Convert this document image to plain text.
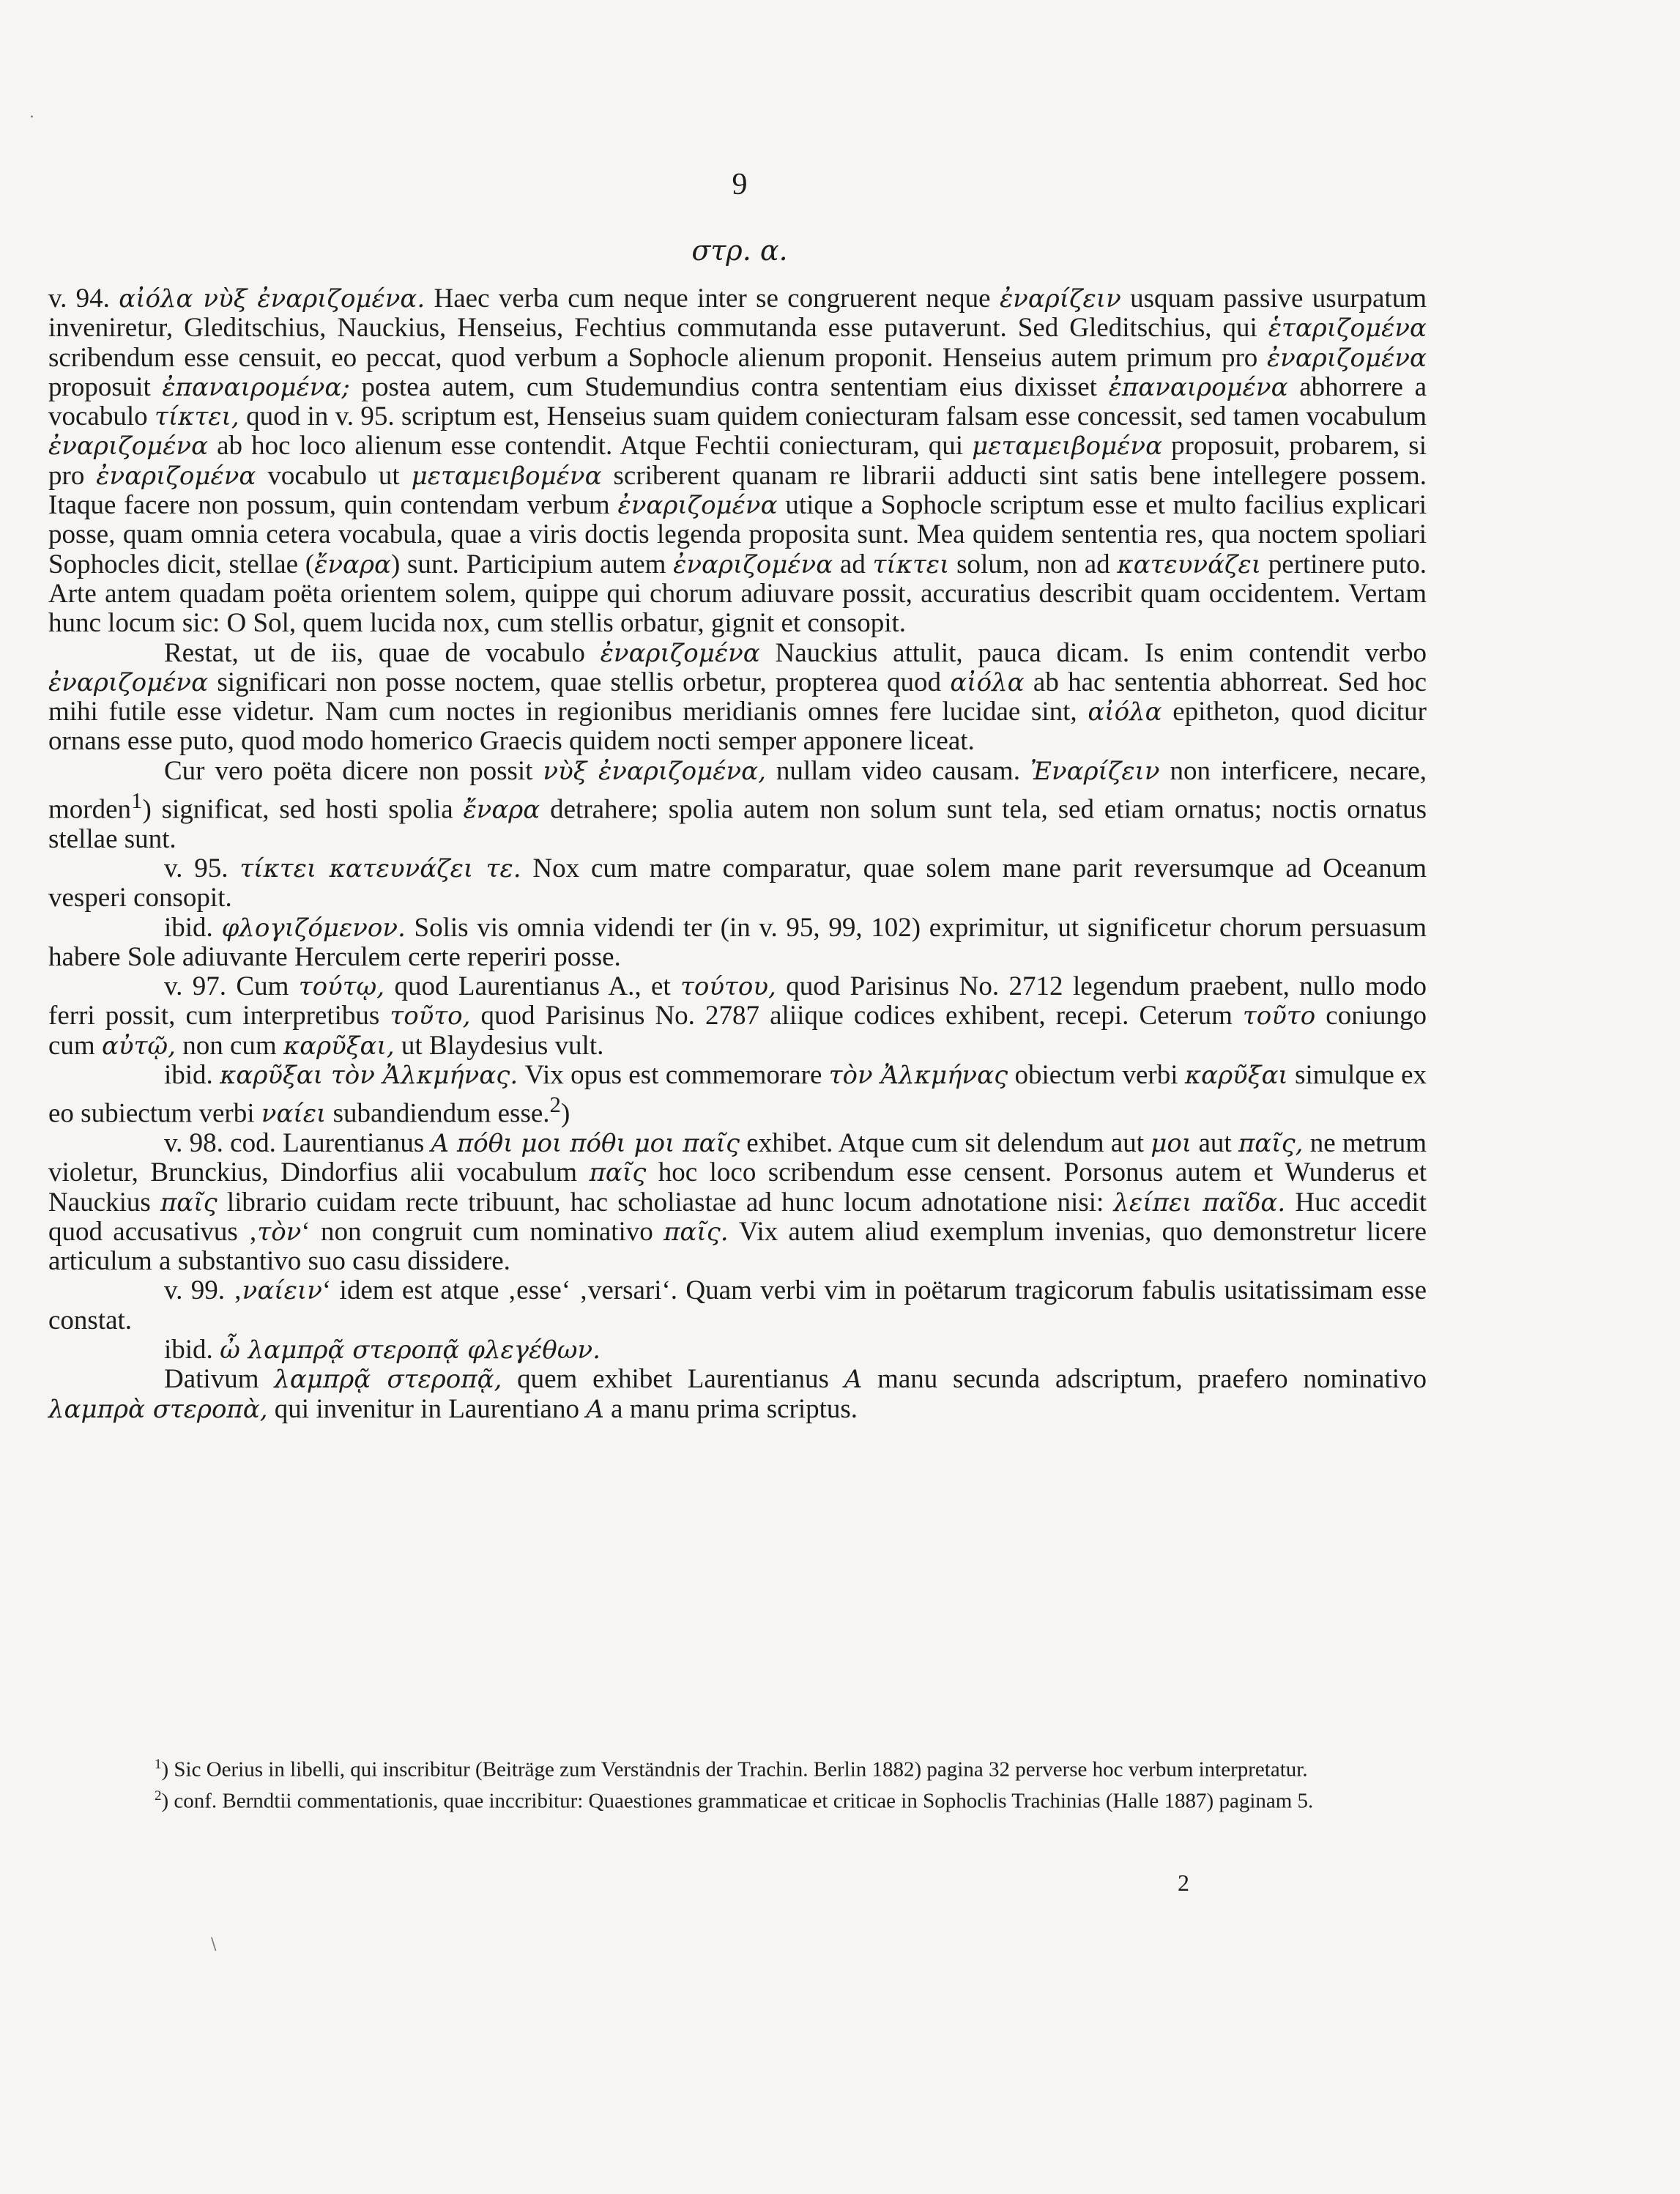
9
στρ. α.

v. 94. αἰόλα νὺξ ἐναριζομένα. Haec verba cum neque inter se congruerent neque ἐναρίζειν usquam passive usurpatum inveniretur, Gleditschius, Nauckius, Henseius, Fechtius commutanda esse putaverunt. Sed Gleditschius, qui ἑταριζομένα scribendum esse censuit, eo peccat, quod verbum a Sophocle alienum proponit. Henseius autem primum pro ἐναριζομένα proposuit ἐπαναιρομένα; postea autem, cum Studemundius contra sententiam eius dixisset ἐπαναιρομένα abhorrere a vocabulo τίκτει, quod in v. 95. scriptum est, Henseius suam quidem coniecturam falsam esse concessit, sed tamen vocabulum ἐναριζομένα ab hoc loco alienum esse contendit. Atque Fechtii coniecturam, qui μεταμειβομένα proposuit, probarem, si pro ἐναριζομένα vocabulo ut μεταμειβομένα scriberent quanam re librarii adducti sint satis bene intellegere possem. Itaque facere non possum, quin contendam verbum ἐναριζομένα utique a Sophocle scriptum esse et multo facilius explicari posse, quam omnia cetera vocabula, quae a viris doctis legenda proposita sunt. Mea quidem sententia res, qua noctem spoliari Sophocles dicit, stellae (ἔναρα) sunt. Participium autem ἐναριζομένα ad τίκτει solum, non ad κατευνάζει pertinere puto. Arte antem quadam poëta orientem solem, quippe qui chorum adiuvare possit, accuratius describit quam occidentem. Vertam hunc locum sic: O Sol, quem lucida nox, cum stellis orbatur, gignit et consopit.

Restat, ut de iis, quae de vocabulo ἐναριζομένα Nauckius attulit, pauca dicam. Is enim contendit verbo ἐναριζομένα significari non posse noctem, quae stellis orbetur, propterea quod αἰόλα ab hac sententia abhorreat. Sed hoc mihi futile esse videtur. Nam cum noctes in regionibus meridianis omnes fere lucidae sint, αἰόλα epitheton, quod dicitur ornans esse puto, quod modo homerico Graecis quidem nocti semper apponere liceat.

Cur vero poëta dicere non possit νὺξ ἐναριζομένα, nullam video causam. Ἐναρίζειν non interficere, necare, morden$^1$) significat, sed hosti spolia ἔναρα detrahere; spolia autem non solum sunt tela, sed etiam ornatus; noctis ornatus stellae sunt.

v. 95. τίκτει κατευνάζει τε. Nox cum matre comparatur, quae solem mane parit reversumque ad Oceanum vesperi consopit.

ibid. φλογιζόμενον. Solis vis omnia videndi ter (in v. 95, 99, 102) exprimitur, ut significetur chorum persuasum habere Sole adiuvante Herculem certe reperiri posse.

v. 97. Cum τούτῳ, quod Laurentianus A., et τούτου, quod Parisinus No. 2712 legendum praebent, nullo modo ferri possit, cum interpretibus τοῦτο, quod Parisinus No. 2787 aliique codices exhibent, recepi. Ceterum τοῦτο coniungo cum αὐτῷ, non cum καρῦξαι, ut Blaydesius vult.

ibid. καρῦξαι τὸν Ἀλκμήνας. Vix opus est commemorare τὸν Ἀλκμήνας obiectum verbi καρῦξαι simulque ex eo subiectum verbi ναίει subandiendum esse.$^2$)

v. 98. cod. Laurentianus A πόθι μοι πόθι μοι παῖς exhibet. Atque cum sit delendum aut μοι aut παῖς, ne metrum violetur, Brunckius, Dindorfius alii vocabulum παῖς hoc loco scribendum esse censent. Porsonus autem et Wunderus et Nauckius παῖς librario cuidam recte tribuunt, hac scholiastae ad hunc locum adnotatione nisi: λείπει παῖδα. Huc accedit quod accusativus ‚τὸν‘ non congruit cum nominativo παῖς. Vix autem aliud exemplum invenias, quo demonstretur licere articulum a substantivo suo casu dissidere.

v. 99. ‚ναίειν‘ idem est atque ‚esse‘ ‚versari‘. Quam verbi vim in poëtarum tragicorum fabulis usitatissimam esse constat.

ibid. ὦ λαμπρᾷ στεροπᾷ φλεγέθων.

Dativum λαμπρᾷ στεροπᾷ, quem exhibet Laurentianus A manu secunda adscriptum, praefero nominativo λαμπρὰ στεροπὰ, qui invenitur in Laurentiano A a manu prima scriptus.

$^1$) Sic Oerius in libelli, qui inscribitur (Beiträge zum Verständnis der Trachin. Berlin 1882) pagina 32 perverse hoc verbum interpretatur.

$^2$) conf. Berndtii commentationis, quae inccribitur: Quaestiones grammaticae et criticae in Sophoclis Trachinias (Halle 1887) paginam 5.

2
·
\
